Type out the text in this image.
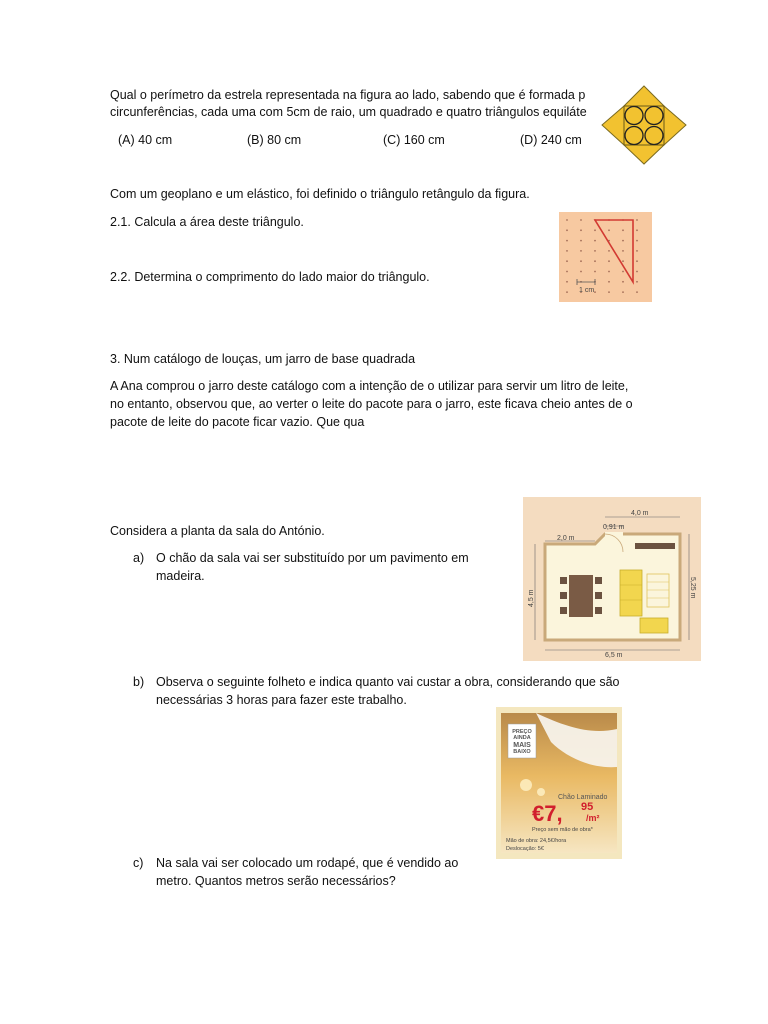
Qual o perímetro da estrela representada na figura ao lado, sabendo que é formada p
circunferências, cada uma com 5cm de raio, um quadrado e quatro triângulos equiláte
(A) 40 cm	(B) 80 cm	(C) 160 cm	(D) 240 cm
Com um geoplano e um elástico, foi definido o triângulo retângulo da figura.
2.1. Calcula a área deste triângulo.
2.2. Determina o comprimento do lado maior do triângulo.
1 cm
3. Num catálogo de louças, um jarro de base quadrada
A Ana comprou o jarro deste catálogo com a intenção de o utilizar para servir um litro de leite,
no entanto, observou que, ao verter o leite do pacote para o jarro, este ficava cheio antes de o
pacote de leite do pacote ficar vazio. Que qua
Considera a planta da sala do António.
a) O chão da sala vai ser substituído por um pavimento em madeira.
b) Observa o seguinte folheto e indica quanto vai custar a obra, considerando que são necessárias 3 horas para fazer este trabalho.
c) Na sala vai ser colocado um rodapé, que é vendido ao metro. Quantos metros serão necessários?
4,0 m
0,91 m
2,0 m
4,5 m	5,25 m
6,5 m
PREÇO
AINDA
MAIS
BAIXO
Chão Laminado
€7, 95
/m²
Preço sem mão de obra*
Mão de obra: 24,5€/hora
Deslocação: 5€
